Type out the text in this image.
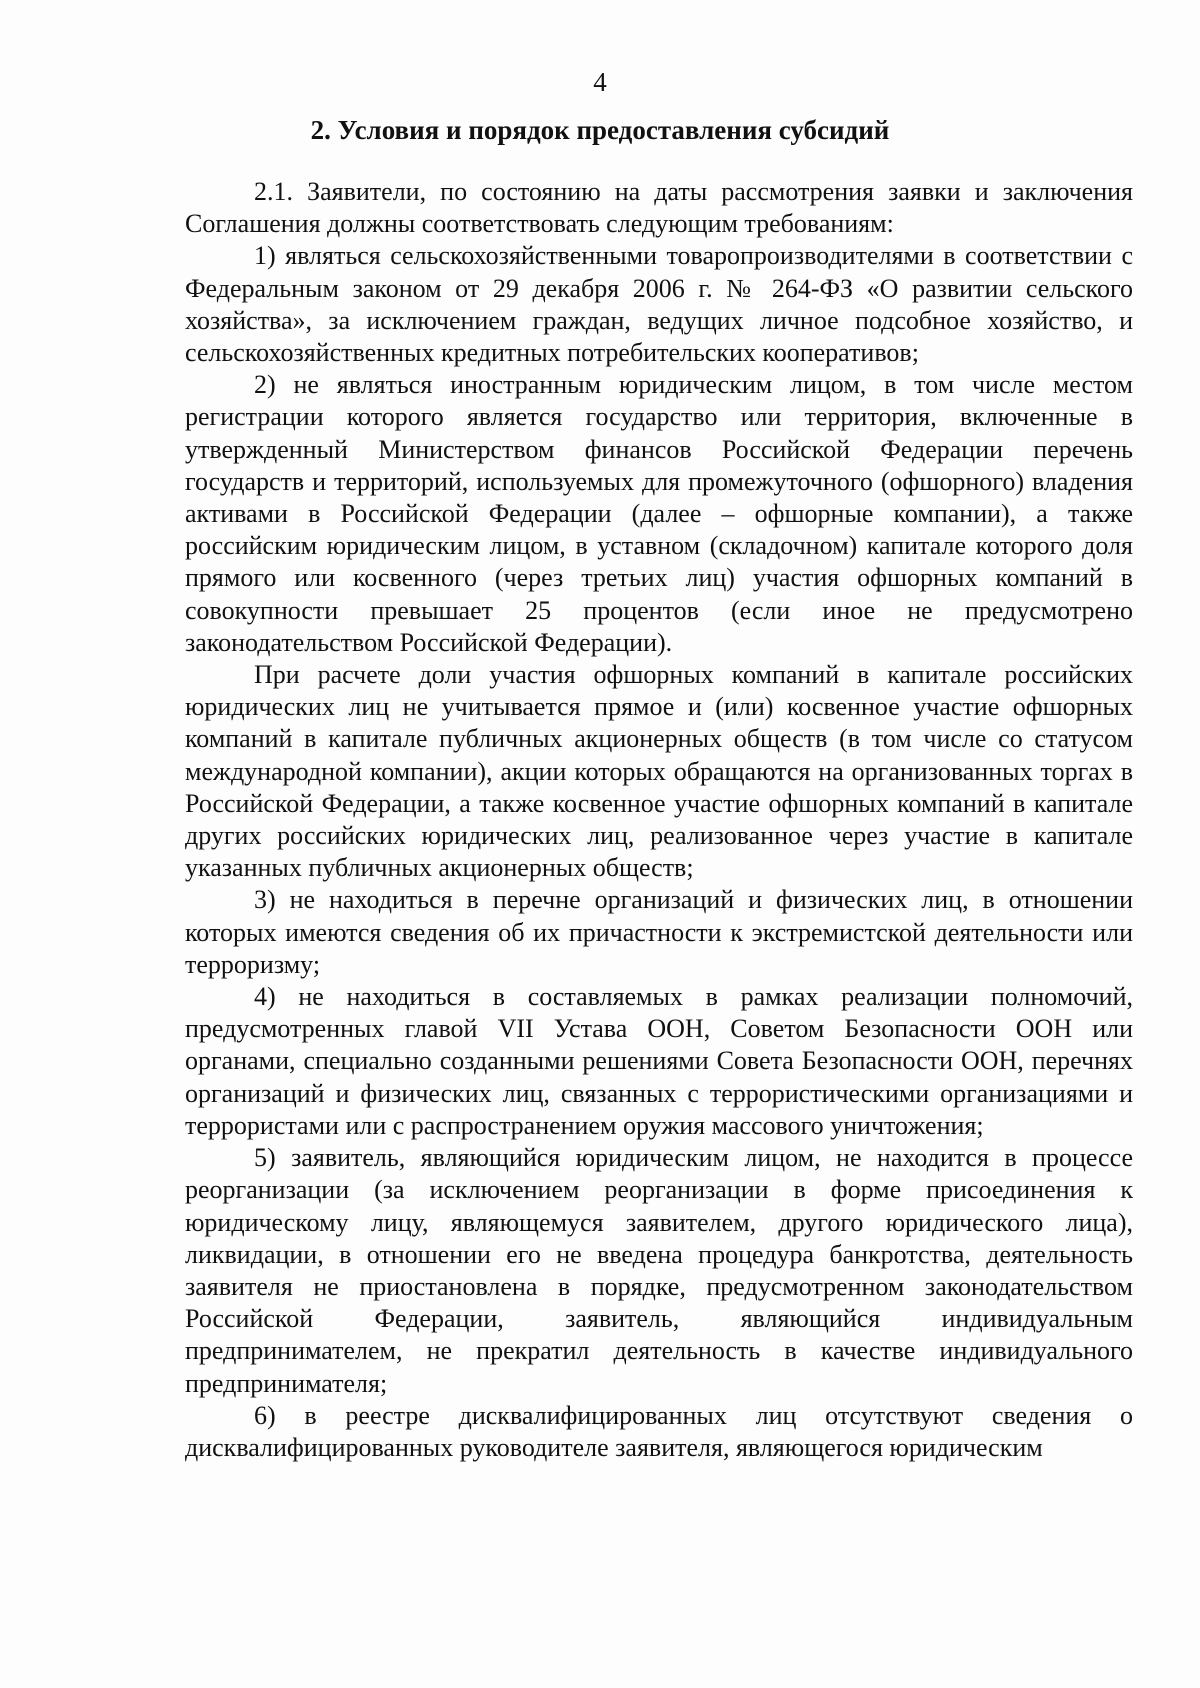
4
2. Условия и порядок предоставления субсидий

2.1. Заявители, по состоянию на даты рассмотрения заявки и заключения Соглашения должны соответствовать следующим требованиям:

1) являться сельскохозяйственными товаропроизводителями в соответствии с Федеральным законом от 29 декабря 2006 г. № 264-ФЗ «О развитии сельского хозяйства», за исключением граждан, ведущих личное подсобное хозяйство, и сельскохозяйственных кредитных потребительских кооперативов;

2) не являться иностранным юридическим лицом, в том числе местом регистрации которого является государство или территория, включенные в утвержденный Министерством финансов Российской Федерации перечень государств и территорий, используемых для промежуточного (офшорного) владения активами в Российской Федерации (далее – офшорные компании), а также российским юридическим лицом, в уставном (складочном) капитале которого доля прямого или косвенного (через третьих лиц) участия офшорных компаний в совокупности превышает 25 процентов (если иное не предусмотрено законодательством Российской Федерации).

При расчете доли участия офшорных компаний в капитале российских юридических лиц не учитывается прямое и (или) косвенное участие офшорных компаний в капитале публичных акционерных обществ (в том числе со статусом международной компании), акции которых обращаются на организованных торгах в Российской Федерации, а также косвенное участие офшорных компаний в капитале других российских юридических лиц, реализованное через участие в капитале указанных публичных акционерных обществ;

3) не находиться в перечне организаций и физических лиц, в отношении которых имеются сведения об их причастности к экстремистской деятельности или терроризму;

4) не находиться в составляемых в рамках реализации полномочий, предусмотренных главой VII Устава ООН, Советом Безопасности ООН или органами, специально созданными решениями Совета Безопасности ООН, перечнях организаций и физических лиц, связанных с террористическими организациями и террористами или с распространением оружия массового уничтожения;

5) заявитель, являющийся юридическим лицом, не находится в процессе реорганизации (за исключением реорганизации в форме присоединения к юридическому лицу, являющемуся заявителем, другого юридического лица), ликвидации, в отношении его не введена процедура банкротства, деятельность заявителя не приостановлена в порядке, предусмотренном законодательством Российской Федерации, заявитель, являющийся индивидуальным предпринимателем, не прекратил деятельность в качестве индивидуального предпринимателя;

6) в реестре дисквалифицированных лиц отсутствуют сведения о дисквалифицированных руководителе заявителя, являющегося юридическим
